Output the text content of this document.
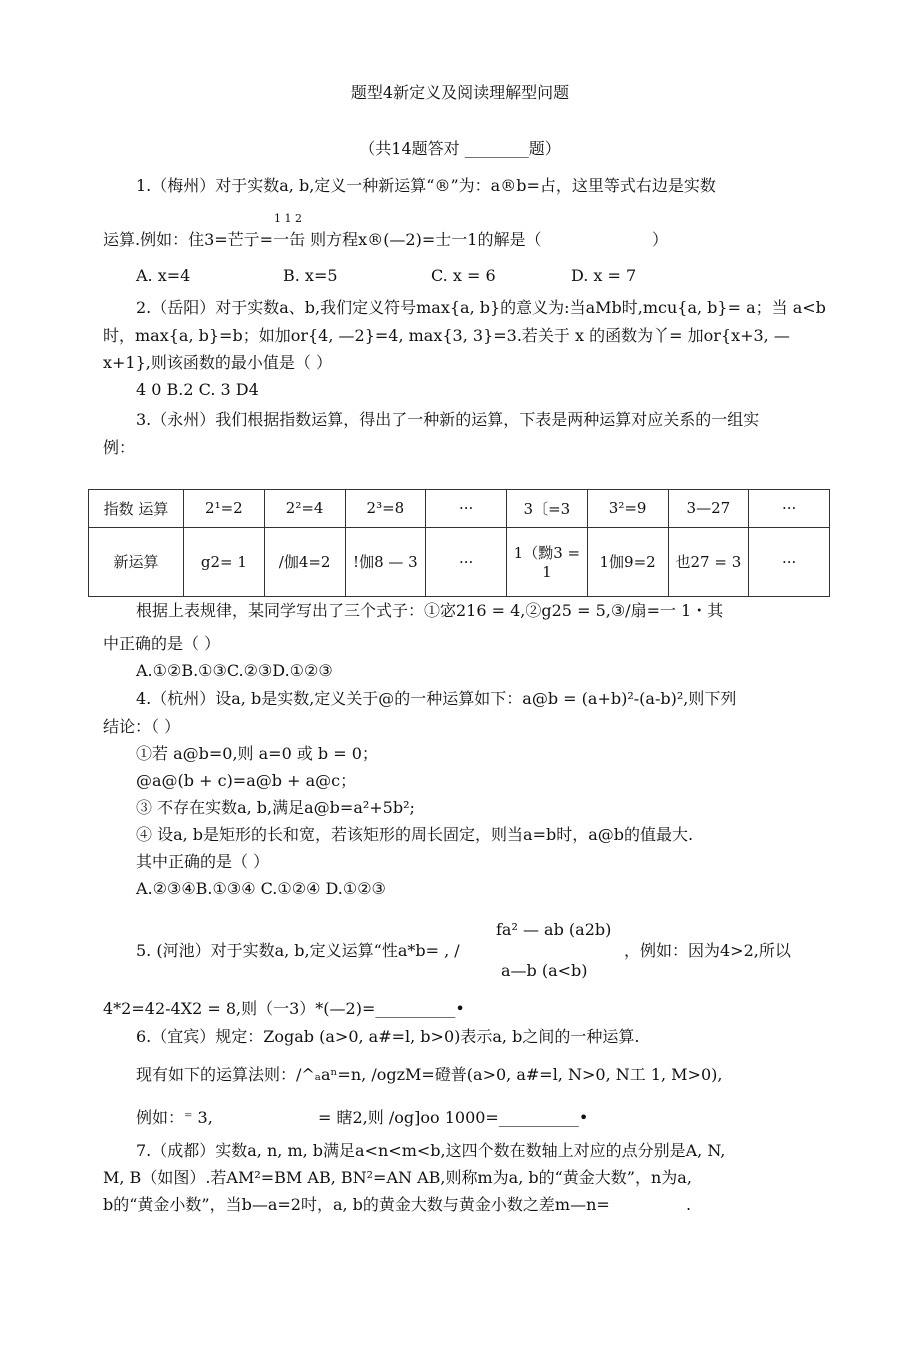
题型4新定义及阅读理解型问题
（共14题答对 ________题）
1.（梅州）对于实数a, b,定义一种新运算“®”为：a®b=占，这里等式右边是实数
1 1 2
运算.例如：住3=芒亍=一缶 则方程x®(—2)=士一1的解是（	）
A. x=4	B. x=5	C. x = 6	D. x = 7
2.（岳阳）对于实数a、b,我们定义符号max{a, b}的意义为:当aMb时,mcu{a, b}= a；当 a<b
时，max{a, b}=b；如加or{4, —2}=4, max{3, 3}=3.若关于 x 的函数为丫= 加or{x+3, —
x+1},则该函数的最小值是（ ）
4 0 B.2 C. 3 D4
3.（永州）我们根据指数运算，得出了一种新的运算，下表是两种运算对应关系的一组实
例：
指数 运算	2¹=2	2²=4	2³=8	···	3〔=3	3²=9	3—27	···
新运算	g2= 1	/伽4=2	!伽8 — 3	···	1（黝3 = 1	1伽9=2	也27 = 3	···
根据上表规律，某同学写出了三个式子：①宓216 = 4,②g25 = 5,③/扇=一 1・其
中正确的是（ ）
A.①②B.①③C.②③D.①②③
4.（杭州）设a, b是实数,定义关于@的一种运算如下：a@b = (a+b)²-(a-b)²,则下列
结论：（ ）
①若 a@b=0,则 a=0 或 b = 0；
@a@(b + c)=a@b + a@c；
③ 不存在实数a, b,满足a@b=a²+5b²;
④ 设a, b是矩形的长和宽，若该矩形的周长固定，则当a=b时，a@b的值最大.
其中正确的是（ ）
A.②③④B.①③④ C.①②④ D.①②③
fa² — ab (a2b)
5. (河池）对于实数a, b,定义运算“性a*b= , /	，例如：因为4>2,所以
a—b (a<b)
4*2=42-4X2 = 8,则（一3）*(—2)=__________•
6.（宜宾）规定：Zogab (a>0, a#=l, b>0)表示a, b之间的一种运算.
现有如下的运算法则：/^ₐaⁿ=n, /ogzM=磴普(a>0, a#=l, N>0, N工 1, M>0),
例如：⁼ 3,	= 瞎2,则 /og]oo 1000=__________•
7.（成都）实数a, n, m, b满足a<n<m<b,这四个数在数轴上对应的点分别是A, N,
M, B（如图）.若AM²=BM AB, BN²=AN AB,则称m为a, b的“黄金大数”，n为a,
b的“黄金小数”，当b—a=2吋，a, b的黄金大数与黄金小数之差m—n=	.
